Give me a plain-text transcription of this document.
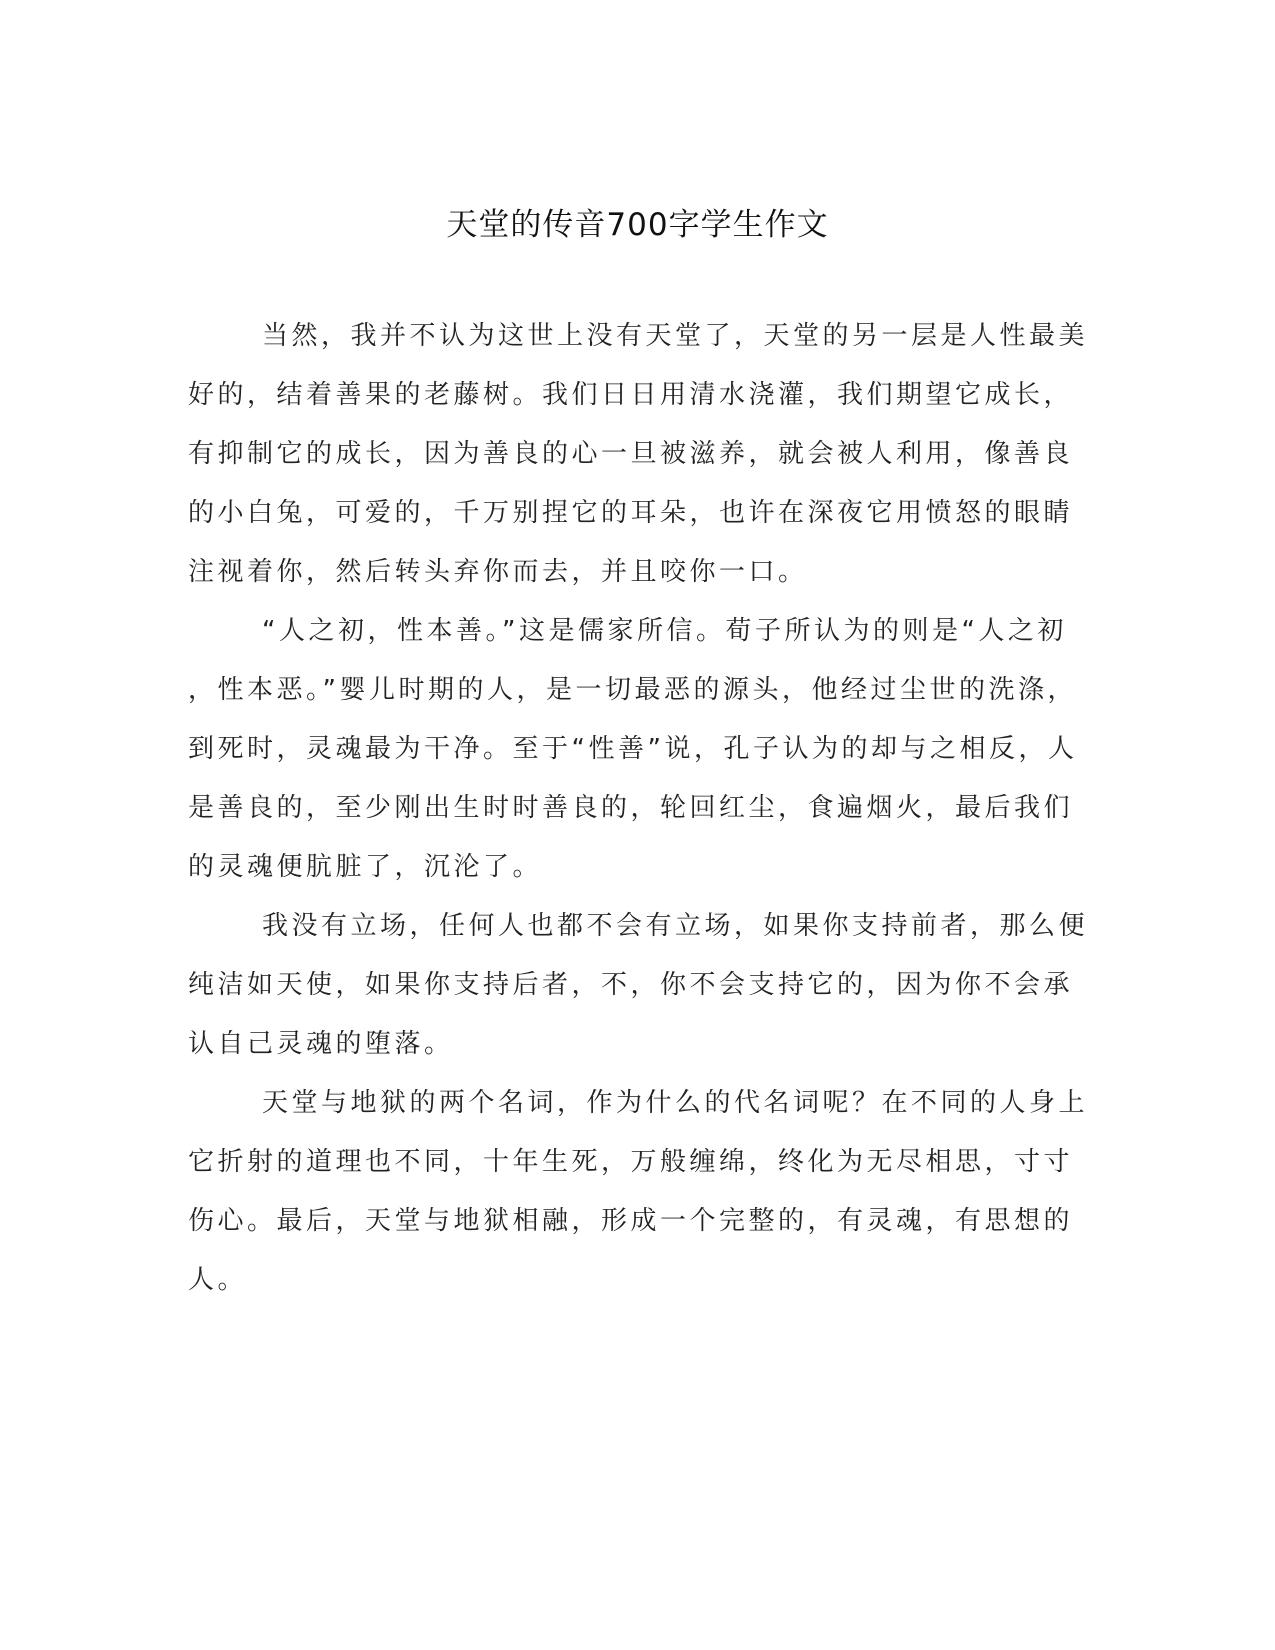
天堂的传音700字学生作文
当然，我并不认为这世上没有天堂了，天堂的另一层是人性最美
好的，结着善果的老藤树。我们日日用清水浇灌，我们期望它成长，
有抑制它的成长，因为善良的心一旦被滋养，就会被人利用，像善良
的小白兔，可爱的，千万别捏它的耳朵，也许在深夜它用愤怒的眼睛
注视着你，然后转头弃你而去，并且咬你一口。
“人之初，性本善。”这是儒家所信。荀子所认为的则是“人之初
，性本恶。”婴儿时期的人，是一切最恶的源头，他经过尘世的洗涤，
到死时，灵魂最为干净。至于“性善”说，孔子认为的却与之相反，人
是善良的，至少刚出生时时善良的，轮回红尘，食遍烟火，最后我们
的灵魂便肮脏了，沉沦了。
我没有立场，任何人也都不会有立场，如果你支持前者，那么便
纯洁如天使，如果你支持后者，不，你不会支持它的，因为你不会承
认自己灵魂的堕落。
天堂与地狱的两个名词，作为什么的代名词呢？在不同的人身上
它折射的道理也不同，十年生死，万般缠绵，终化为无尽相思，寸寸
伤心。最后，天堂与地狱相融，形成一个完整的，有灵魂，有思想的
人。
